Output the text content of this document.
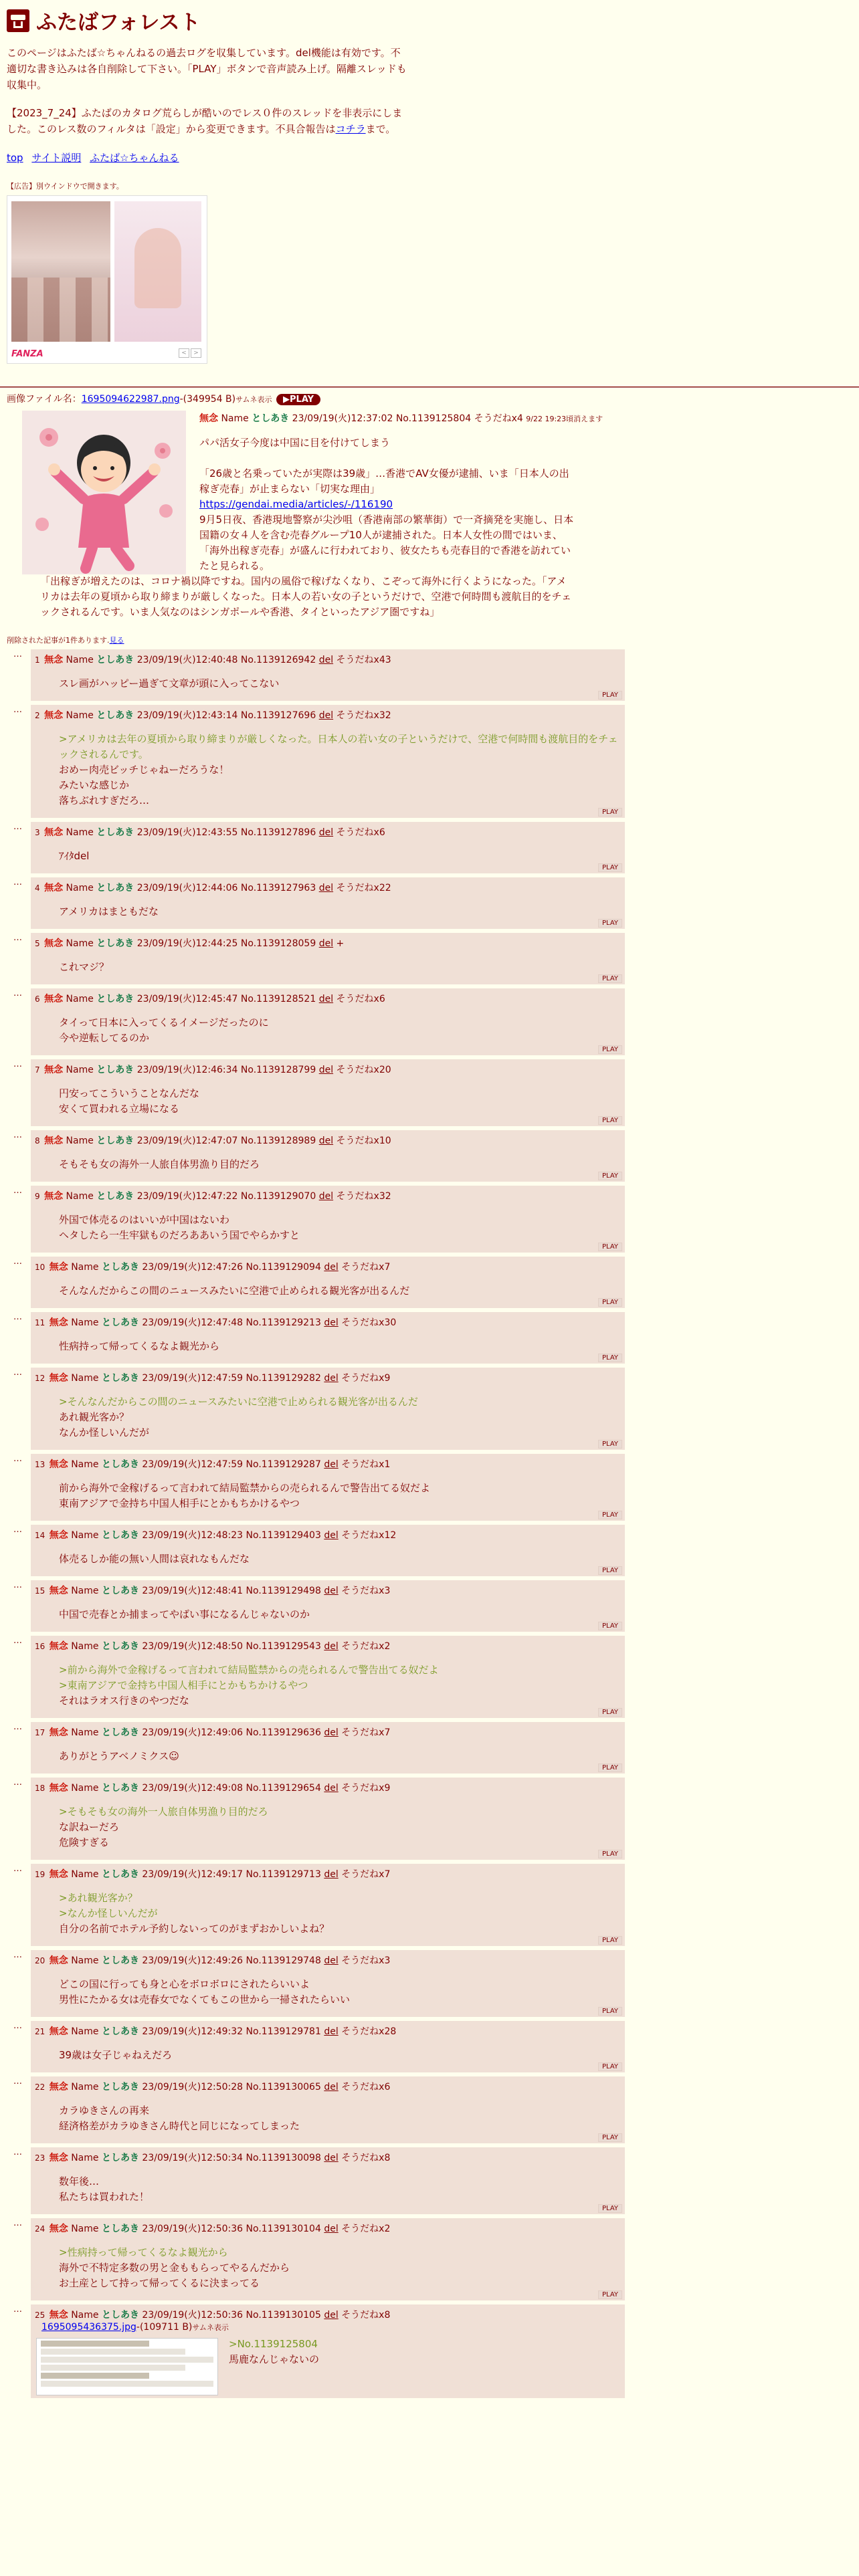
ふたばフォレスト

このページはふたば☆ちゃんねるの過去ログを収集しています。del機能は有効です。不適切な書き込みは各自削除して下さい。「PLAY」ボタンで音声読み上げ。隔離スレッドも収集中。

【2023_7_24】ふたばのカタログ荒らしが酷いのでレス０件のスレッドを非表示にしました。このレス数のフィルタは「設定」から変更できます。不具合報告はコチラまで。

top サイト説明 ふたば☆ちゃんねる
【広告】別ウインドウで開きます。
FANZA	<	>
画像ファイル名：1695094622987.png-(349954 B)サムネ表示 ▶PLAY
無念 Name としあき 23/09/19(火)12:37:02 No.1139125804 そうだねx4 9/22 19:23頃消えます

パパ活女子今度は中国に目を付けてしまう

「26歳と名乗っていたが実際は39歳」…香港でAV女優が逮捕、いま「日本人の出稼ぎ売春」が止まらない「切実な理由」

https://gendai.media/articles/-/116190

9月5日夜、香港現地警察が尖沙咀（香港南部の繁華街）で一斉摘発を実施し、日本国籍の女４人を含む売春グループ10人が逮捕された。日本人女性の間ではいま、「海外出稼ぎ売春」が盛んに行われており、彼女たちも売春目的で香港を訪れていたと見られる。

「出稼ぎが増えたのは、コロナ禍以降ですね。国内の風俗で稼げなくなり、こぞって海外に行くようになった。「アメリカは去年の夏頃から取り締まりが厳しくなった。日本人の若い女の子というだけで、空港で何時間も渡航目的をチェックされるんです。いま人気なのはシンガポールや香港、タイといったアジア圏ですね」
削除された記事が1件あります.見る
…
1 無念 Name としあき 23/09/19(火)12:40:48 No.1139126942 del そうだねx43
スレ画がハッピー過ぎて文章が頭に入ってこない
PLAY
…
2 無念 Name としあき 23/09/19(火)12:43:14 No.1139127696 del そうだねx32
>アメリカは去年の夏頃から取り締まりが厳しくなった。日本人の若い女の子というだけで、空港で何時間も渡航目的をチェックされるんです。
おめー肉売ビッチじゃねーだろうな！
みたいな感じか
落ちぶれすぎだろ…
PLAY
…
3 無念 Name としあき 23/09/19(火)12:43:55 No.1139127896 del そうだねx6
ｱｲﾀdel
PLAY
…
4 無念 Name としあき 23/09/19(火)12:44:06 No.1139127963 del そうだねx22
アメリカはまともだな
PLAY
…
5 無念 Name としあき 23/09/19(火)12:44:25 No.1139128059 del +
これマジ？
PLAY
…
6 無念 Name としあき 23/09/19(火)12:45:47 No.1139128521 del そうだねx6
タイって日本に入ってくるイメージだったのに
今や逆転してるのか
PLAY
…
7 無念 Name としあき 23/09/19(火)12:46:34 No.1139128799 del そうだねx20
円安ってこういうことなんだな
安くて買われる立場になる
PLAY
…
8 無念 Name としあき 23/09/19(火)12:47:07 No.1139128989 del そうだねx10
そもそも女の海外一人旅自体男漁り目的だろ
PLAY
…
9 無念 Name としあき 23/09/19(火)12:47:22 No.1139129070 del そうだねx32
外国で体売るのはいいが中国はないわ
ヘタしたら一生牢獄ものだろああいう国でやらかすと
PLAY
…
10 無念 Name としあき 23/09/19(火)12:47:26 No.1139129094 del そうだねx7
そんなんだからこの間のニュースみたいに空港で止められる観光客が出るんだ
PLAY
…
11 無念 Name としあき 23/09/19(火)12:47:48 No.1139129213 del そうだねx30
性病持って帰ってくるなよ観光から
PLAY
…
12 無念 Name としあき 23/09/19(火)12:47:59 No.1139129282 del そうだねx9
>そんなんだからこの間のニュースみたいに空港で止められる観光客が出るんだ
あれ観光客か？
なんか怪しいんだが
PLAY
…
13 無念 Name としあき 23/09/19(火)12:47:59 No.1139129287 del そうだねx1
前から海外で金稼げるって言われて結局監禁からの売られるんで警告出てる奴だよ
東南アジアで金持ち中国人相手にとかもちかけるやつ
PLAY
…
14 無念 Name としあき 23/09/19(火)12:48:23 No.1139129403 del そうだねx12
体売るしか能の無い人間は哀れなもんだな
PLAY
…
15 無念 Name としあき 23/09/19(火)12:48:41 No.1139129498 del そうだねx3
中国で売春とか捕まってやばい事になるんじゃないのか
PLAY
…
16 無念 Name としあき 23/09/19(火)12:48:50 No.1139129543 del そうだねx2
>前から海外で金稼げるって言われて結局監禁からの売られるんで警告出てる奴だよ
>東南アジアで金持ち中国人相手にとかもちかけるやつ
それはラオス行きのやつだな
PLAY
…
17 無念 Name としあき 23/09/19(火)12:49:06 No.1139129636 del そうだねx7
ありがとうアベノミクス☺
PLAY
…
18 無念 Name としあき 23/09/19(火)12:49:08 No.1139129654 del そうだねx9
>そもそも女の海外一人旅自体男漁り目的だろ
な訳ねーだろ
危険すぎる
PLAY
…
19 無念 Name としあき 23/09/19(火)12:49:17 No.1139129713 del そうだねx7
>あれ観光客か？
>なんか怪しいんだが
自分の名前でホテル予約しないってのがまずおかしいよね？
PLAY
…
20 無念 Name としあき 23/09/19(火)12:49:26 No.1139129748 del そうだねx3
どこの国に行っても身と心をボロボロにされたらいいよ
男性にたかる女は売春女でなくてもこの世から一掃されたらいい
PLAY
…
21 無念 Name としあき 23/09/19(火)12:49:32 No.1139129781 del そうだねx28
39歳は女子じゃねえだろ
PLAY
…
22 無念 Name としあき 23/09/19(火)12:50:28 No.1139130065 del そうだねx6
カラゆきさんの再来
経済格差がカラゆきさん時代と同じになってしまった
PLAY
…
23 無念 Name としあき 23/09/19(火)12:50:34 No.1139130098 del そうだねx8
数年後…
私たちは買われた！
PLAY
…
24 無念 Name としあき 23/09/19(火)12:50:36 No.1139130104 del そうだねx2
>性病持って帰ってくるなよ観光から
海外で不特定多数の男と金ももらってやるんだから
お土産として持って帰ってくるに決まってる
PLAY
…
25 無念 Name としあき 23/09/19(火)12:50:36 No.1139130105 del そうだねx8
1695095436375.jpg-(109711 B)サムネ表示
>No.1139125804
馬鹿なんじゃないの
